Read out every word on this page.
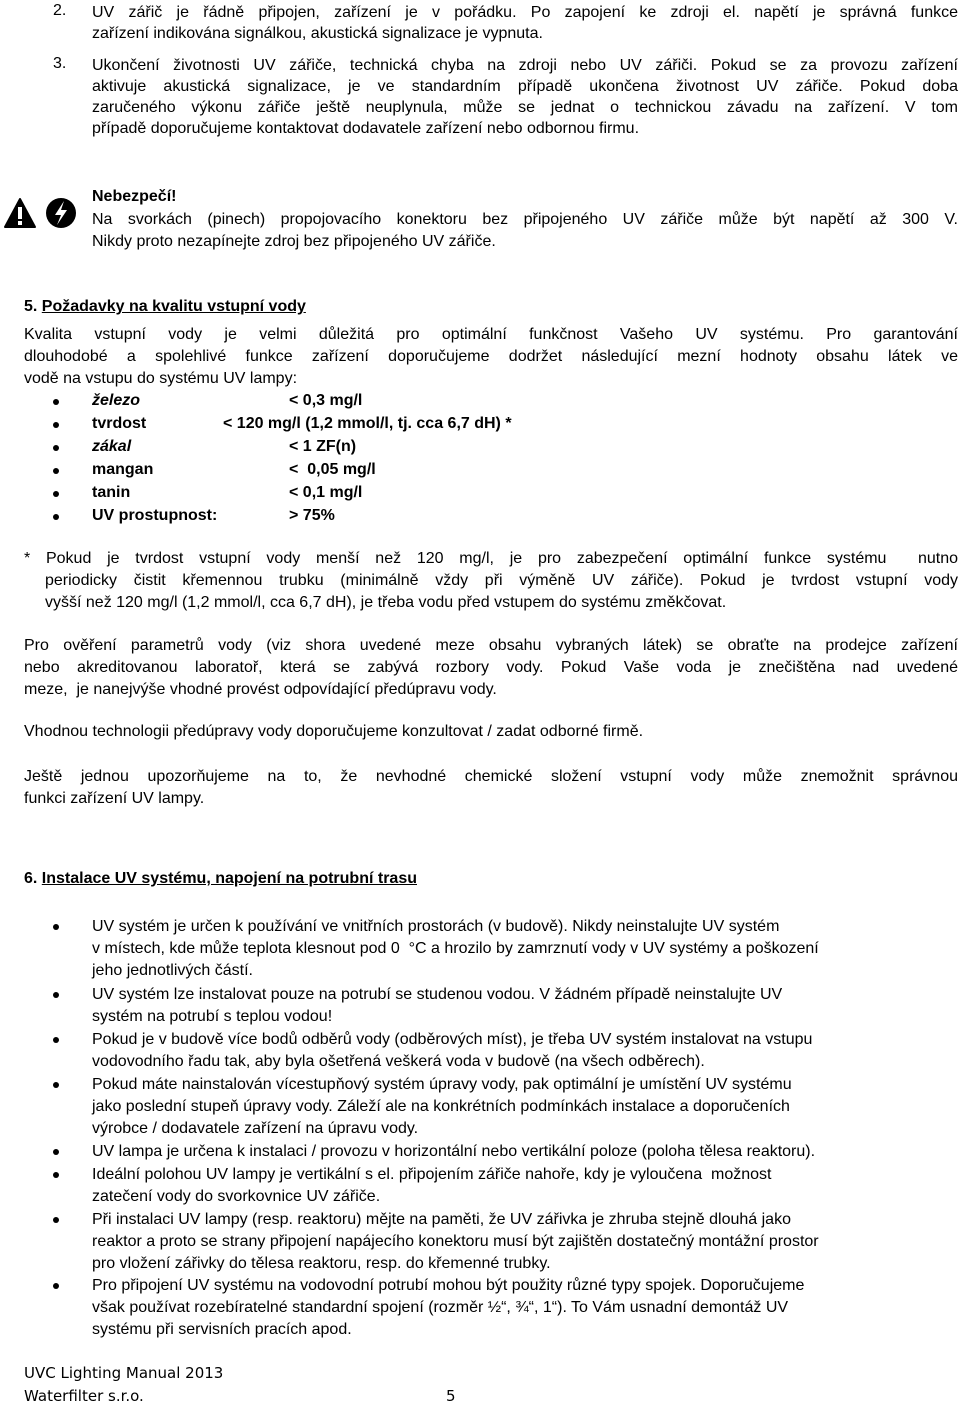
2. UV zářič je řádně připojen, zařízení je v pořádku. Po zapojení ke zdroji el. napětí je správná funkce
zařízení indikována signálkou, akustická signalizace je vypnuta.
3. Ukončení životnosti UV zářiče, technická chyba na zdroji nebo UV zářiči. Pokud se za provozu zařízení
aktivuje akustická signalizace, je ve standardním případě ukončena životnost UV zářiče. Pokud doba
zaručeného výkonu zářiče ještě neuplynula, může se jednat o technickou závadu na zařízení. V tom
případě doporučujeme kontaktovat dodavatele zařízení nebo odbornou firmu.
Nebezpečí!
Na svorkách (pinech) propojovacího konektoru bez připojeného UV zářiče může být napětí až 300 V.
Nikdy proto nezapínejte zdroj bez připojeného UV zářiče.
5. Požadavky na kvalitu vstupní vody
Kvalita vstupní vody je velmi důležitá pro optimální funkčnost Vašeho UV systému. Pro garantování
dlouhodobé a spolehlivé funkce zařízení doporučujeme dodržet následující mezní hodnoty obsahu látek ve
vodě na vstupu do systému UV lampy:
železo	< 0,3 mg/l
tvrdost	< 120 mg/l (1,2 mmol/l, tj. cca 6,7 dH) *
zákal	< 1 ZF(n)
mangan	<  0,05 mg/l
tanin	< 0,1 mg/l
UV prostupnost:	> 75%
* Pokud je tvrdost vstupní vody menší než 120 mg/l, je pro zabezpečení optimální funkce systému  nutno
periodicky čistit křemennou trubku (minimálně vždy při výměně UV zářiče). Pokud je tvrdost vstupní vody
vyšší než 120 mg/l (1,2 mmol/l, cca 6,7 dH), je třeba vodu před vstupem do systému změkčovat.
Pro ověření parametrů vody (viz shora uvedené meze obsahu vybraných látek) se obraťte na prodejce zařízení
nebo akreditovanou laboratoř, která se zabývá rozbory vody. Pokud Vaše voda je znečištěna nad uvedené
meze,  je nanejvýše vhodné provést odpovídající předúpravu vody.
Vhodnou technologii předúpravy vody doporučujeme konzultovat / zadat odborné firmě.
Ještě jednou upozorňujeme na to, že nevhodné chemické složení vstupní vody může znemožnit správnou
funkci zařízení UV lampy.
6. Instalace UV systému, napojení na potrubní trasu
UV systém je určen k používání ve vnitřních prostorách (v budově). Nikdy neinstalujte UV systém
v místech, kde může teplota klesnout pod 0  °C a hrozilo by zamrznutí vody v UV systémy a poškození
jeho jednotlivých částí.
UV systém lze instalovat pouze na potrubí se studenou vodou. V žádném případě neinstalujte UV
systém na potrubí s teplou vodou!
Pokud je v budově více bodů odběrů vody (odběrových míst), je třeba UV systém instalovat na vstupu
vodovodního řadu tak, aby byla ošetřená veškerá voda v budově (na všech odběrech).
Pokud máte nainstalován vícestupňový systém úpravy vody, pak optimální je umístění UV systému
jako poslední stupeň úpravy vody. Záleží ale na konkrétních podmínkách instalace a doporučeních
výrobce / dodavatele zařízení na úpravu vody.
UV lampa je určena k instalaci / provozu v horizontální nebo vertikální poloze (poloha tělesa reaktoru).
Ideální polohou UV lampy je vertikální s el. připojením zářiče nahoře, kdy je vyloučena  možnost
zatečení vody do svorkovnice UV zářiče.
Při instalaci UV lampy (resp. reaktoru) mějte na paměti, že UV zářivka je zhruba stejně dlouhá jako
reaktor a proto se strany připojení napájecího konektoru musí být zajištěn dostatečný montážní prostor
pro vložení zářivky do tělesa reaktoru, resp. do křemenné trubky.
Pro připojení UV systému na vodovodní potrubí mohou být použity různé typy spojek. Doporučujeme
však používat rozebíratelné standardní spojení (rozměr ½“, ¾“, 1“). To Vám usnadní demontáž UV
systému při servisních pracích apod.
UVC Lighting Manual 2013
Waterfilter s.r.o.	5
